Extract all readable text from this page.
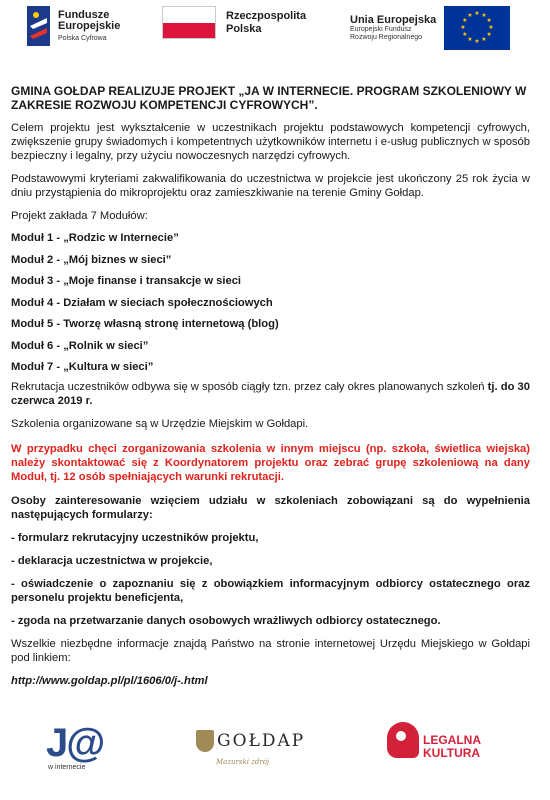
Fundusze
Europejskie
Polska Cyfrowa
Rzeczpospolita
Polska
Unia Europejska
Europejski Fundusz
Rozwoju Regionalnego
★ ★
★
★
★
★
★
★
★
★
★
★

GMINA GOŁDAP REALIZUJE PROJEKT „JA W INTERNECIE. PROGRAM SZKOLENIOWY W ZAKRESIE ROZWOJU KOMPETENCJI CYFROWYCH”.

Celem projektu jest wykształcenie w uczestnikach projektu podstawowych kompetencji cyfrowych, zwiększenie grupy świadomych i kompetentnych użytkowników internetu i e-usług publicznych w sposób bezpieczny i legalny, przy użyciu nowoczesnych narzędzi cyfrowych.

Podstawowymi kryteriami zakwalifikowania do uczestnictwa w projekcie jest ukończony 25 rok życia w dniu przystąpienia do mikroprojektu oraz zamieszkiwanie na terenie Gminy Gołdap.

Projekt zakłada 7 Modułów:

Moduł 1 - „Rodzic w Internecie”

Moduł 2 - „Mój biznes w sieci”

Moduł 3 - „Moje finanse i transakcje w sieci

Moduł 4 - Działam w sieciach społecznościowych

Moduł 5 - Tworzę własną stronę internetową (blog)

Moduł 6 - „Rolnik w sieci”

Moduł 7 - „Kultura w sieci”

Rekrutacja uczestników odbywa się w sposób ciągły tzn. przez cały okres planowanych szkoleń tj. do 30 czerwca 2019 r.

Szkolenia organizowane są w Urzędzie Miejskim w Gołdapi.

W przypadku chęci zorganizowania szkolenia w innym miejscu (np. szkoła, świetlica wiejska) należy skontaktować się z Koordynatorem projektu oraz zebrać grupę szkoleniową na dany Moduł, tj. 12 osób spełniających warunki rekrutacji.

Osoby zainteresowanie wzięciem udziału w szkoleniach zobowiązani są do wypełnienia następujących formularzy:

- formularz rekrutacyjny uczestników projektu,

- deklaracja uczestnictwa w projekcie,

- oświadczenie o zapoznaniu się z obowiązkiem informacyjnym odbiorcy ostatecznego oraz personelu projektu beneficjenta,

- zgoda na przetwarzanie danych osobowych wrażliwych odbiorcy ostatecznego.

Wszelkie niezbędne informacje znajdą Państwo na stronie internetowej Urzędu Miejskiego w Gołdapi pod linkiem:

http://www.goldap.pl/pl/1606/0/j-.html

J@
w internecie
GOŁDAP
Mazurski zdrój
LEGALNA
KULTURA
